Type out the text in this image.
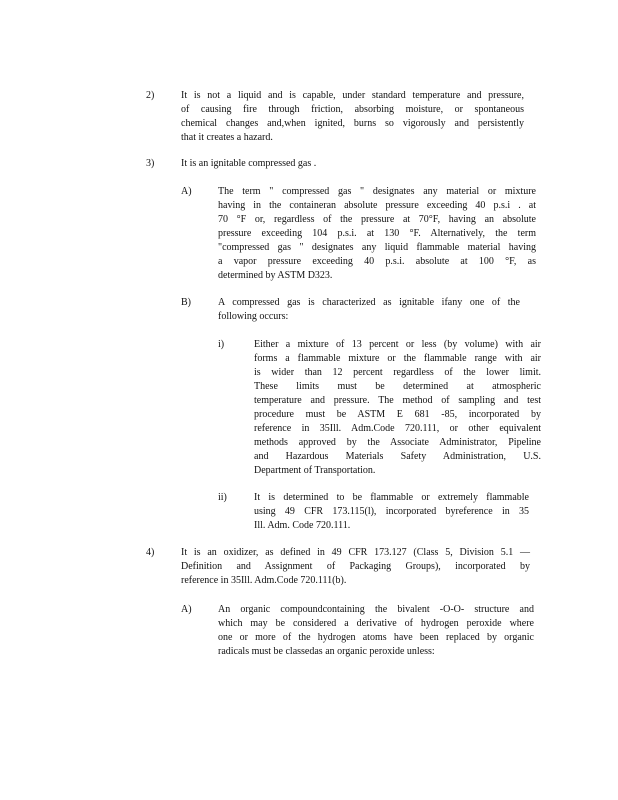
2)	It is not a liquid and is capable, under standard temperature and pressure,
of causing fire through friction, absorbing moisture, or spontaneous
chemical changes and,when ignited, burns so vigorously and persistently
that it creates a hazard.
3)	It is an ignitable compressed gas .
A)	The term " compressed gas " designates any material or mixture
having in the containeran absolute pressure exceeding 40 p.s.i . at
70 °F or, regardless of the pressure at 70°F, having an absolute
pressure exceeding 104 p.s.i. at 130 °F. Alternatively, the term
"compressed gas " designates any liquid flammable material having
a vapor pressure exceeding 40 p.s.i. absolute at 100 °F, as
determined by ASTM D323.
B)	A compressed gas is characterized as ignitable ifany one of the
following occurs:
i)	Either a mixture of 13 percent or less (by volume) with air
forms a flammable mixture or the flammable range with air
is wider than 12 percent regardless of the lower limit.
These limits must be determined at atmospheric
temperature and pressure. The method of sampling and test
procedure must be ASTM E 681 -85, incorporated by
reference in 35Ill. Adm.Code 720.111, or other equivalent
methods approved by the Associate Administrator, Pipeline
and Hazardous Materials Safety Administration, U.S.
Department of Transportation.
ii)	It is determined to be flammable or extremely flammable
using 49 CFR 173.115(l), incorporated byreference in 35
Ill. Adm. Code 720.111.
4)	It is an oxidizer, as defined in 49 CFR 173.127 (Class 5, Division 5.1 —
Definition and Assignment of Packaging Groups), incorporated by
reference in 35Ill. Adm.Code 720.111(b).
A)	An organic compoundcontaining the bivalent -O-O- structure and
which may be considered a derivative of hydrogen peroxide where
one or more of the hydrogen atoms have been replaced by organic
radicals must be classedas an organic peroxide unless:
